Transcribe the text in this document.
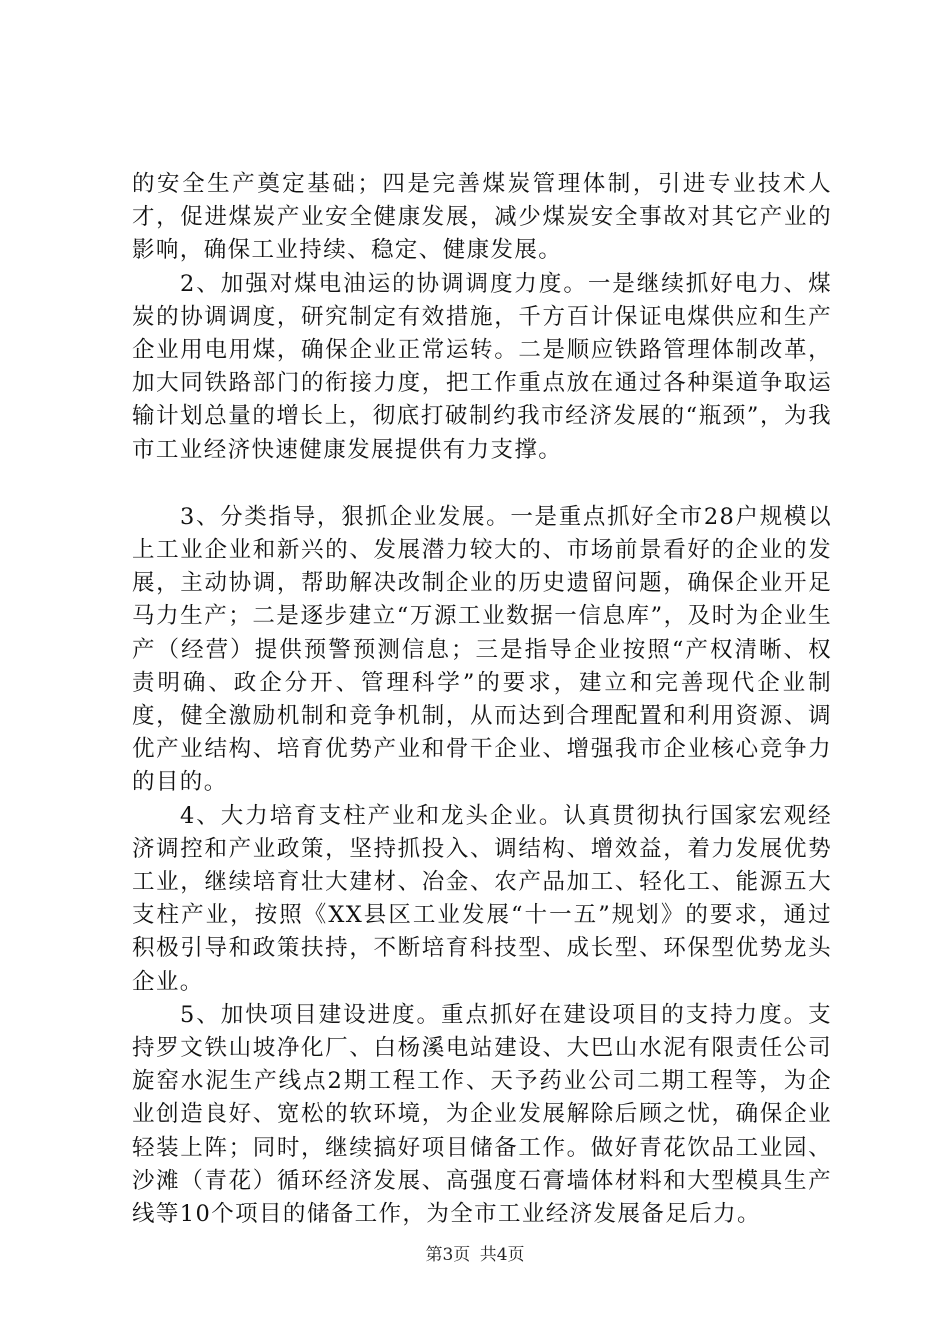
的安全生产奠定基础；四是完善煤炭管理体制，引进专业技术人才，促进煤炭产业安全健康发展，减少煤炭安全事故对其它产业的影响，确保工业持续、稳定、健康发展。

2、加强对煤电油运的协调调度力度。一是继续抓好电力、煤炭的协调调度，研究制定有效措施，千方百计保证电煤供应和生产企业用电用煤，确保企业正常运转。二是顺应铁路管理体制改革，加大同铁路部门的衔接力度，把工作重点放在通过各种渠道争取运输计划总量的增长上，彻底打破制约我市经济发展的“瓶颈”，为我市工业经济快速健康发展提供有力支撑。

3、分类指导，狠抓企业发展。一是重点抓好全市28户规模以上工业企业和新兴的、发展潜力较大的、市场前景看好的企业的发展，主动协调，帮助解决改制企业的历史遗留问题，确保企业开足马力生产；二是逐步建立“万源工业数据一信息库”，及时为企业生产（经营）提供预警预测信息；三是指导企业按照“产权清晰、权责明确、政企分开、管理科学”的要求，建立和完善现代企业制度，健全激励机制和竞争机制，从而达到合理配置和利用资源、调优产业结构、培育优势产业和骨干企业、增强我市企业核心竞争力的目的。

4、大力培育支柱产业和龙头企业。认真贯彻执行国家宏观经济调控和产业政策，坚持抓投入、调结构、增效益，着力发展优势工业，继续培育壮大建材、冶金、农产品加工、轻化工、能源五大支柱产业，按照《XX县区工业发展“十一五”规划》的要求，通过积极引导和政策扶持，不断培育科技型、成长型、环保型优势龙头企业。

5、加快项目建设进度。重点抓好在建设项目的支持力度。支持罗文铁山坡净化厂、白杨溪电站建设、大巴山水泥有限责任公司旋窑水泥生产线点2期工程工作、天予药业公司二期工程等，为企业创造良好、宽松的软环境，为企业发展解除后顾之忧，确保企业轻装上阵；同时，继续搞好项目储备工作。做好青花饮品工业园、沙滩（青花）循环经济发展、高强度石膏墙体材料和大型模具生产线等10个项目的储备工作，为全市工业经济发展备足后力。

第3页 共4页
